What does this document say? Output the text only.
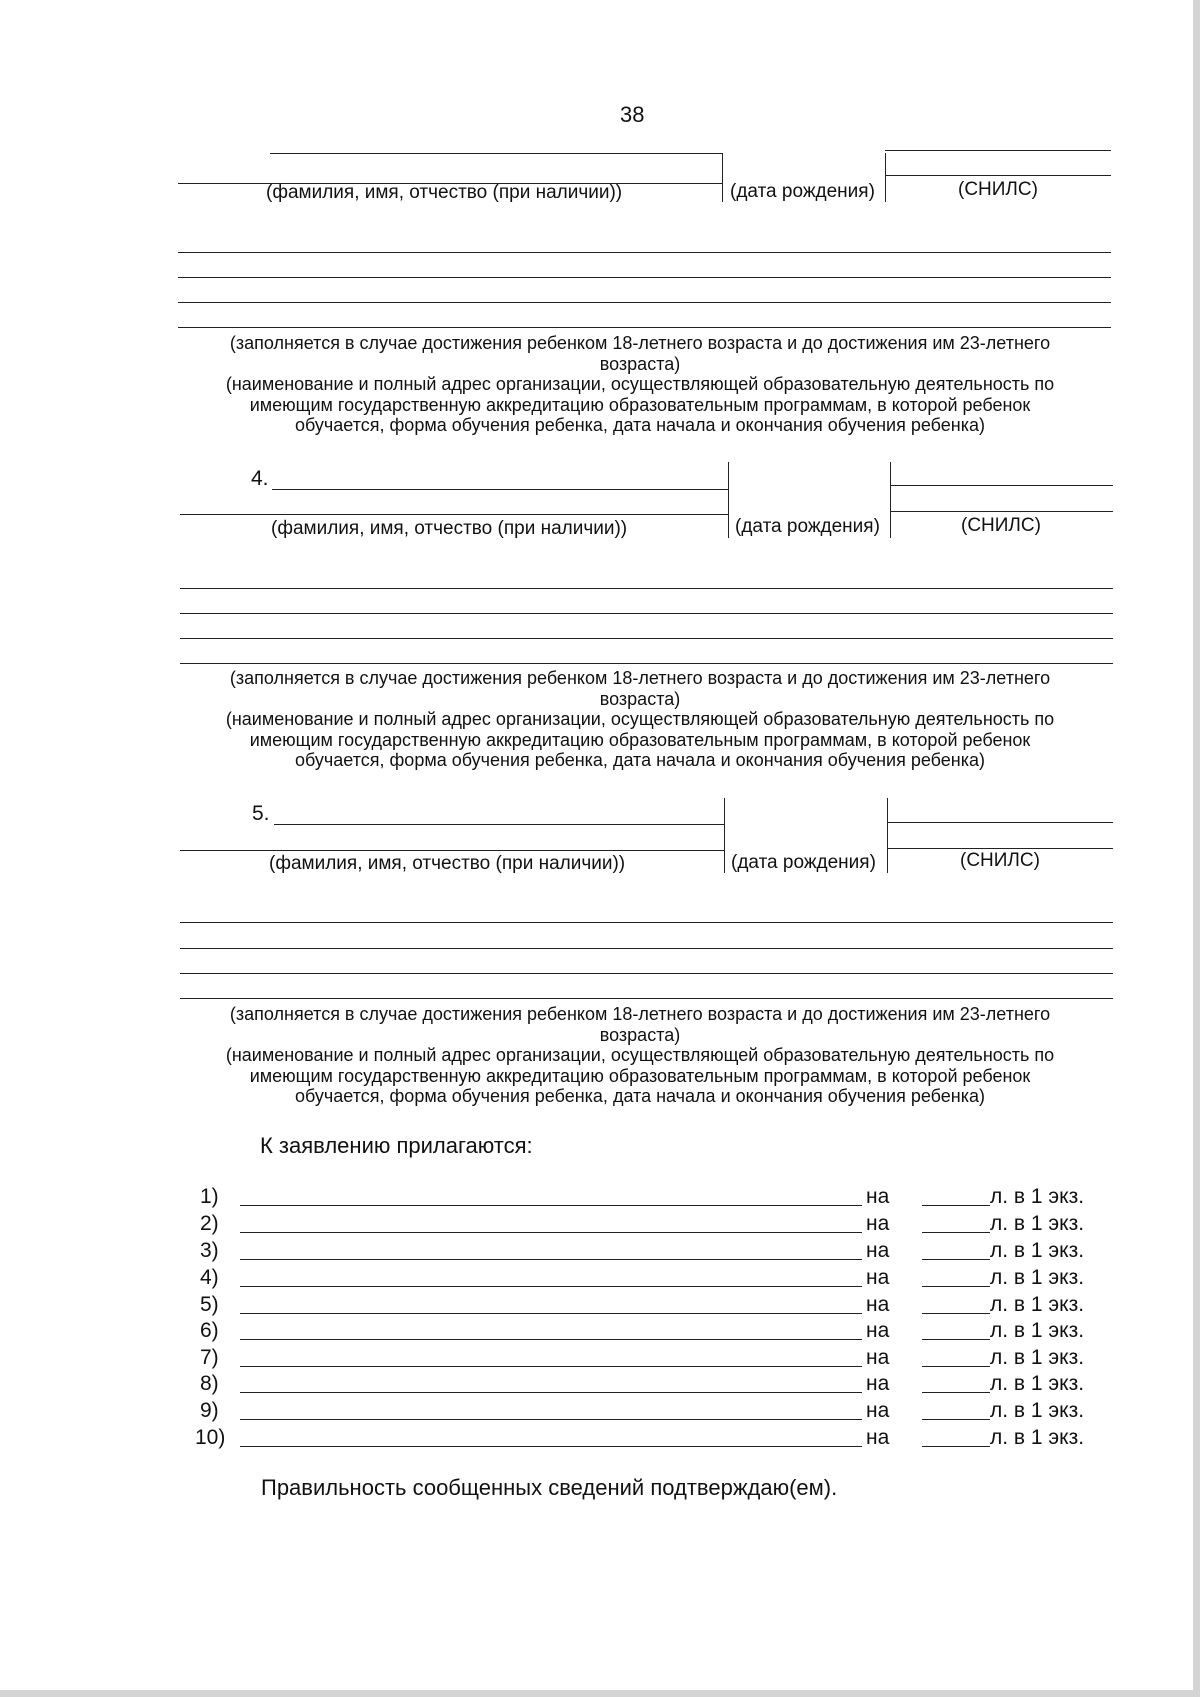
38
(фамилия, имя, отчество (при наличии))	(дата рождения)	(СНИЛС)
(заполняется в случае достижения ребенком 18-летнего возраста и до достижения им 23-летнего
возраста)
(наименование и полный адрес организации, осуществляющей образовательную деятельность по
имеющим государственную аккредитацию образовательным программам, в которой ребенок
обучается, форма обучения ребенка, дата начала и окончания обучения ребенка)
4.
(фамилия, имя, отчество (при наличии))	(дата рождения)	(СНИЛС)
(заполняется в случае достижения ребенком 18-летнего возраста и до достижения им 23-летнего
возраста)
(наименование и полный адрес организации, осуществляющей образовательную деятельность по
имеющим государственную аккредитацию образовательным программам, в которой ребенок
обучается, форма обучения ребенка, дата начала и окончания обучения ребенка)
5.
(фамилия, имя, отчество (при наличии))	(дата рождения)	(СНИЛС)
(заполняется в случае достижения ребенком 18-летнего возраста и до достижения им 23-летнего
возраста)
(наименование и полный адрес организации, осуществляющей образовательную деятельность по
имеющим государственную аккредитацию образовательным программам, в которой ребенок
обучается, форма обучения ребенка, дата начала и окончания обучения ребенка)
К заявлению прилагаются:
1)	на	л. в 1 экз.
2)	на	л. в 1 экз.
3)	на	л. в 1 экз.
4)	на	л. в 1 экз.
5)	на	л. в 1 экз.
6)	на	л. в 1 экз.
7)	на	л. в 1 экз.
8)	на	л. в 1 экз.
9)	на	л. в 1 экз.
10)	на	л. в 1 экз.
Правильность сообщенных сведений подтверждаю(ем).
